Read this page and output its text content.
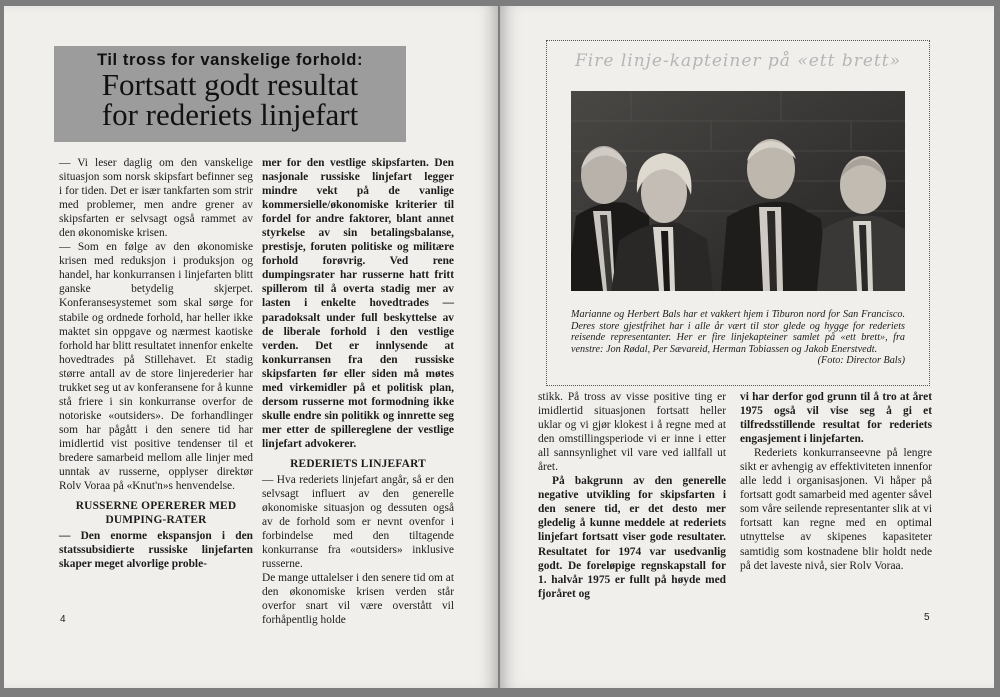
Til tross for vanskelige forhold:
Fortsatt godt resultat
for rederiets linjefart

— Vi leser daglig om den vanskelige situasjon som norsk skipsfart befinner seg i for tiden. Det er især tankfarten som strir med problemer, men andre grener av skipsfarten er selvsagt også rammet av den økonomiske krisen.

— Som en følge av den økonomiske krisen med reduksjon i produksjon og handel, har konkurransen i linjefarten blitt ganske betydelig skjerpet. Konferansesystemet som skal sørge for stabile og ordnede forhold, har heller ikke maktet sin oppgave og nærmest kaotiske forhold har blitt resultatet innenfor enkelte hovedtrades på Stillehavet. Et stadig større antall av de store linjerederier har trukket seg ut av konferansene for å kunne stå friere i sin konkurranse overfor de notoriske «outsiders». De forhandlinger som har pågått i den senere tid har imidlertid vist positive tendenser til et bredere samarbeid mellom alle linjer med unntak av russerne, opplyser direktør Rolv Voraa på «Knut'n»s henvendelse.

RUSSERNE OPERERER MED DUMPING-RATER

— Den enorme ekspansjon i den statssubsidierte russiske linjefarten skaper meget alvorlige proble-

mer for den vestlige skipsfarten. Den nasjonale russiske linjefart legger mindre vekt på de vanlige kommersielle/økonomiske kriterier til fordel for andre faktorer, blant annet styrkelse av sin betalingsbalanse, prestisje, foruten politiske og militære forhold forøvrig. Ved rene dumpingsrater har russerne hatt fritt spillerom til å overta stadig mer av lasten i enkelte hovedtrades — paradoksalt under full beskyttelse av de liberale forhold i den vestlige verden. Det er innlysende at konkurransen fra den russiske skipsfarten før eller siden må møtes med virkemidler på et politisk plan, dersom russerne mot formodning ikke skulle endre sin politikk og innrette seg mer etter de spillereglene der vestlige linjefart advokerer.

REDERIETS LINJEFART

— Hva rederiets linjefart angår, så er den selvsagt influert av den generelle økonomiske situasjon og dessuten også av de forhold som er nevnt ovenfor i forbindelse med den tiltagende konkurranse fra «outsiders» inklusive russerne.

De mange uttalelser i den senere tid om at den økonomiske krisen verden står overfor snart vil være overstått vil forhåpentlig holde

4
Fire linje-kapteiner på «ett brett»
Marianne og Herbert Bals har et vakkert hjem i Tiburon nord for San Francisco. Deres store gjestfrihet har i alle år vært til stor glede og hygge for rederiets reisende representanter. Her er fire linjekapteiner samlet på «ett brett», fra venstre: Jon Rødal, Per Sævareid, Herman Tobiassen og Jakob Enerstvedt.
(Foto: Director Bals)

stikk. På tross av visse positive ting er imidlertid situasjonen fortsatt heller uklar og vi gjør klokest i å regne med at den omstillingsperiode vi er inne i etter all sannsynlighet vil vare ved iallfall ut året.

På bakgrunn av den generelle negative utvikling for skipsfarten i den senere tid, er det desto mer gledelig å kunne meddele at rederiets linjefart fortsatt viser gode resultater. Resultatet for 1974 var usedvanlig godt. De foreløpige regnskapstall for 1. halvår 1975 er fullt på høyde med fjoråret og

vi har derfor god grunn til å tro at året 1975 også vil vise seg å gi et tilfredsstillende resultat for rederiets engasjement i linjefarten.

Rederiets konkurranseevne på lengre sikt er avhengig av effektiviteten innenfor alle ledd i organisasjonen. Vi håper på fortsatt godt samarbeid med agenter såvel som våre seilende representanter slik at vi fortsatt kan regne med en optimal utnyttelse av skipenes kapasiteter samtidig som kostnadene blir holdt nede på det laveste nivå, sier Rolv Voraa.

5
